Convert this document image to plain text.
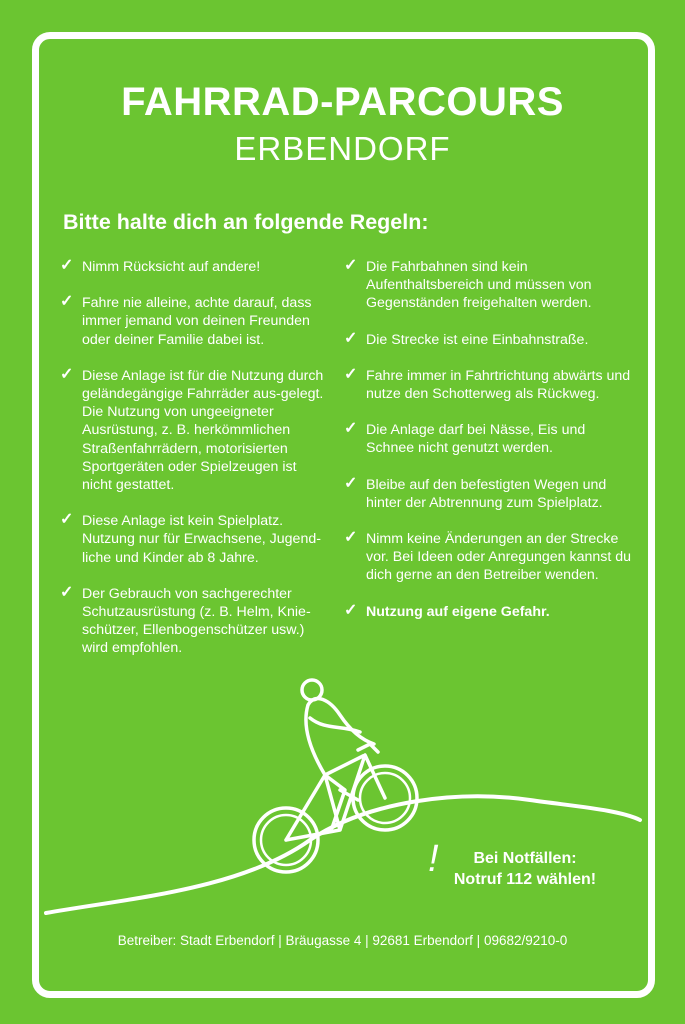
FAHRRAD-PARCOURS
ERBENDORF
Bitte halte dich an folgende Regeln:
✓ Nimm Rücksicht auf andere!
✓ Fahre nie alleine, achte darauf, dass immer jemand von deinen Freunden oder deiner Familie dabei ist.
✓ Diese Anlage ist für die Nutzung durch geländegängige Fahrräder aus-gelegt. Die Nutzung von ungeeigneter Ausrüstung, z. B. herkömmlichen Straßenfahrrädern, motorisierten Sportgeräten oder Spielzeugen ist nicht gestattet.
✓ Diese Anlage ist kein Spielplatz. Nutzung nur für Erwachsene, Jugend-liche und Kinder ab 8 Jahre.
✓ Der Gebrauch von sachgerechter Schutzausrüstung (z. B. Helm, Knie-schützer, Ellenbogenschützer usw.) wird empfohlen.
✓ Die Fahrbahnen sind kein Aufenthaltsbereich und müssen von Gegenständen freigehalten werden.
✓ Die Strecke ist eine Einbahnstraße.
✓ Fahre immer in Fahrtrichtung abwärts und nutze den Schotterweg als Rückweg.
✓ Die Anlage darf bei Nässe, Eis und Schnee nicht genutzt werden.
✓ Bleibe auf den befestigten Wegen und hinter der Abtrennung zum Spielplatz.
✓ Nimm keine Änderungen an der Strecke vor. Bei Ideen oder Anregungen kannst du dich gerne an den Betreiber wenden.
✓ Nutzung auf eigene Gefahr.
!	Bei Notfällen:
Notruf 112 wählen!
Betreiber: Stadt Erbendorf | Bräugasse 4 | 92681 Erbendorf | 09682/9210-0
